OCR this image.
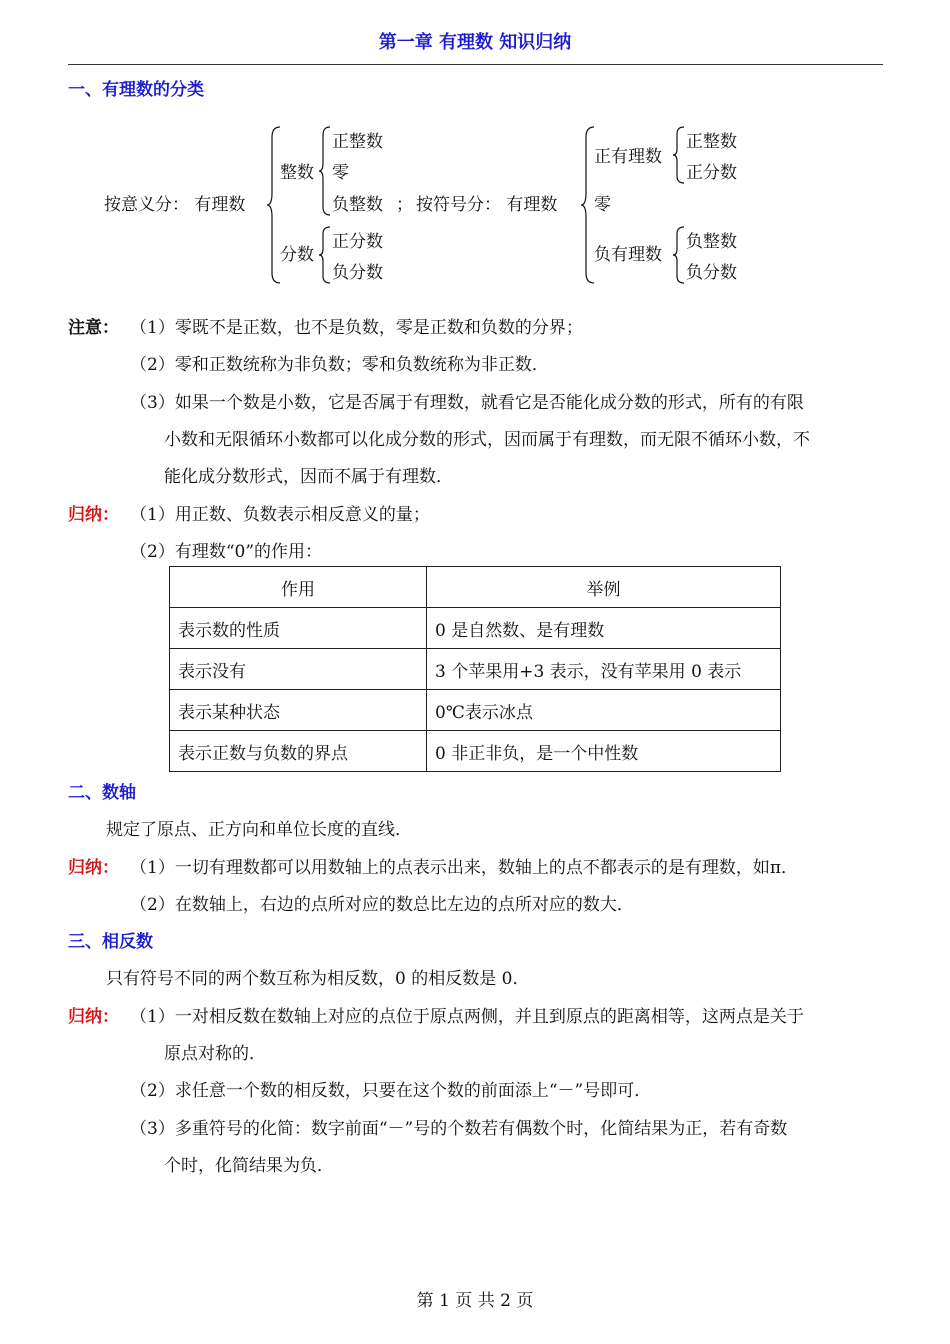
第一章 有理数 知识归纳
一、有理数的分类
按意义分： 有理数
整数
分数
正整数
零
负整数 ；
正分数
负分数
按符号分： 有理数
正有理数
零
负有理数
正整数
正分数
负整数
负分数
注意： （1）零既不是正数，也不是负数，零是正数和负数的分界；
（2）零和正数统称为非负数；零和负数统称为非正数．
（3）如果一个数是小数，它是否属于有理数，就看它是否能化成分数的形式，所有的有限
小数和无限循环小数都可以化成分数的形式，因而属于有理数，而无限不循环小数，不
能化成分数形式，因而不属于有理数．
归纳： （1）用正数、负数表示相反意义的量；
（2）有理数“0”的作用：
作用	举例
表示数的性质	0 是自然数、是有理数
表示没有	3 个苹果用+3 表示，没有苹果用 0 表示
表示某种状态	0℃表示冰点
表示正数与负数的界点	0 非正非负，是一个中性数
二、数轴
规定了原点、正方向和单位长度的直线．
归纳： （1）一切有理数都可以用数轴上的点表示出来，数轴上的点不都表示的是有理数，如π．
（2）在数轴上，右边的点所对应的数总比左边的点所对应的数大．
三、相反数
只有符号不同的两个数互称为相反数，0 的相反数是 0．
归纳： （1）一对相反数在数轴上对应的点位于原点两侧，并且到原点的距离相等，这两点是关于
原点对称的．
（2）求任意一个数的相反数，只要在这个数的前面添上“－”号即可．
（3）多重符号的化简：数字前面“－”号的个数若有偶数个时，化简结果为正，若有奇数
个时，化简结果为负．
第 1 页 共 2 页
